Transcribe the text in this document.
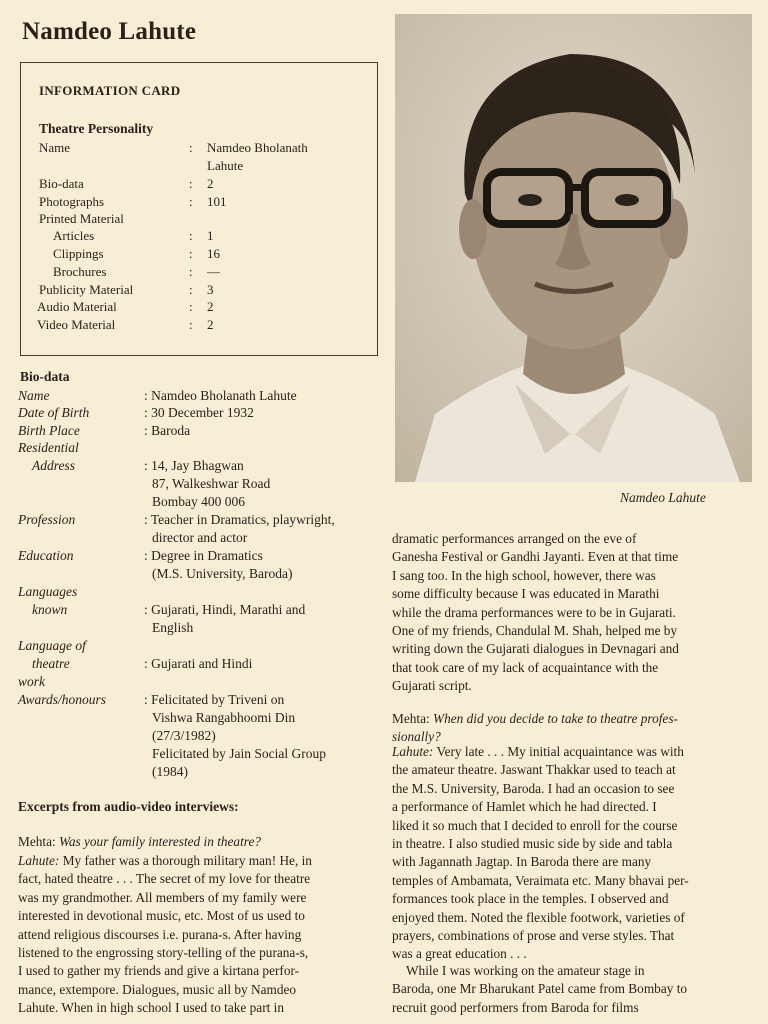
Namdeo Lahute
INFORMATION CARD
Theatre Personality
Name	: Namdeo Bholanath
Lahute
Bio-data	: 2
Photographs	: 101
Printed Material
Articles	: 1
Clippings	: 16
Brochures	: —
Publicity Material	: 3
Audio Material	: 2
Video Material	: 2
Bio-data
Name	: Namdeo Bholanath Lahute
Date of Birth	: 30 December 1932
Birth Place	: Baroda
Residential
Address	: 14, Jay Bhagwan
87, Walkeshwar Road
Bombay 400 006
Profession	: Teacher in Dramatics, playwright,
director and actor
Education	: Degree in Dramatics
(M.S. University, Baroda)
Languages
known	: Gujarati, Hindi, Marathi and
English
Language of
theatre	: Gujarati and Hindi
work
Awards/honours	: Felicitated by Triveni on
Vishwa Rangabhoomi Din
(27/3/1982)
Felicitated by Jain Social Group
(1984)
Excerpts from audio-video interviews:
Mehta: Was your family interested in theatre?
Lahute: My father was a thorough military man! He, in
fact, hated theatre . . . The secret of my love for theatre
was my grandmother. All members of my family were
interested in devotional music, etc. Most of us used to
attend religious discourses i.e. purana-s. After having
listened to the engrossing story-telling of the purana-s,
I used to gather my friends and give a kirtana perfor-
mance, extempore. Dialogues, music all by Namdeo
Lahute. When in high school I used to take part in
Namdeo Lahute
dramatic performances arranged on the eve of
Ganesha Festival or Gandhi Jayanti. Even at that time
I sang too. In the high school, however, there was
some difficulty because I was educated in Marathi
while the drama performances were to be in Gujarati.
One of my friends, Chandulal M. Shah, helped me by
writing down the Gujarati dialogues in Devnagari and
that took care of my lack of acquaintance with the
Gujarati script.
Mehta: When did you decide to take to theatre profes-
sionally?
Lahute: Very late . . . My initial acquaintance was with
the amateur theatre. Jaswant Thakkar used to teach at
the M.S. University, Baroda. I had an occasion to see
a performance of Hamlet which he had directed. I
liked it so much that I decided to enroll for the course
in theatre. I also studied music side by side and tabla
with Jagannath Jagtap. In Baroda there are many
temples of Ambamata, Veraimata etc. Many bhavai per-
formances took place in the temples. I observed and
enjoyed them. Noted the flexible footwork, varieties of
prayers, combinations of prose and verse styles. That
was a great education . . .
While I was working on the amateur stage in
Baroda, one Mr Bharukant Patel came from Bombay to
recruit good performers from Baroda for films
